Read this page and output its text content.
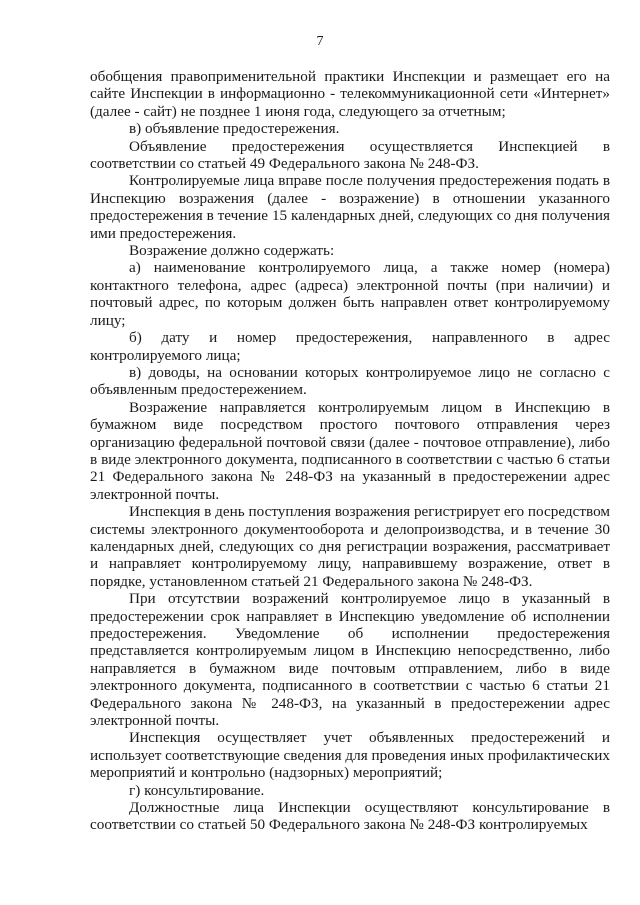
7

обобщения правоприменительной практики Инспекции и размещает его на сайте Инспекции в информационно - телекоммуникационной сети «Интернет» (далее - сайт) не позднее 1 июня года, следующего за отчетным;

в) объявление предостережения.

Объявление предостережения осуществляется Инспекцией в соответствии со статьей 49 Федерального закона № 248-ФЗ.

Контролируемые лица вправе после получения предостережения подать в Инспекцию возражения (далее - возражение) в отношении указанного предостережения в течение 15 календарных дней, следующих со дня получения ими предостережения.

Возражение должно содержать:

а) наименование контролируемого лица, а также номер (номера) контактного телефона, адрес (адреса) электронной почты (при наличии) и почтовый адрес, по которым должен быть направлен ответ контролируемому лицу;

б) дату и номер предостережения, направленного в адрес контролируемого лица;

в) доводы, на основании которых контролируемое лицо не согласно с объявленным предостережением.

Возражение направляется контролируемым лицом в Инспекцию в бумажном виде посредством простого почтового отправления через организацию федеральной почтовой связи (далее - почтовое отправление), либо в виде электронного документа, подписанного в соответствии с частью 6 статьи 21 Федерального закона № 248-ФЗ на указанный в предостережении адрес электронной почты.

Инспекция в день поступления возражения регистрирует его посредством системы электронного документооборота и делопроизводства, и в течение 30 календарных дней, следующих со дня регистрации возражения, рассматривает и направляет контролируемому лицу, направившему возражение, ответ в порядке, установленном статьей 21 Федерального закона № 248-ФЗ.

При отсутствии возражений контролируемое лицо в указанный в предостережении срок направляет в Инспекцию уведомление об исполнении предостережения. Уведомление об исполнении предостережения представляется контролируемым лицом в Инспекцию непосредственно, либо направляется в бумажном виде почтовым отправлением, либо в виде электронного документа, подписанного в соответствии с частью 6 статьи 21 Федерального закона № 248-ФЗ, на указанный в предостережении адрес электронной почты.

Инспекция осуществляет учет объявленных предостережений и использует соответствующие сведения для проведения иных профилактических мероприятий и контрольно (надзорных) мероприятий;

г) консультирование.

Должностные лица Инспекции осуществляют консультирование в соответствии со статьей 50 Федерального закона № 248-ФЗ контролируемых
